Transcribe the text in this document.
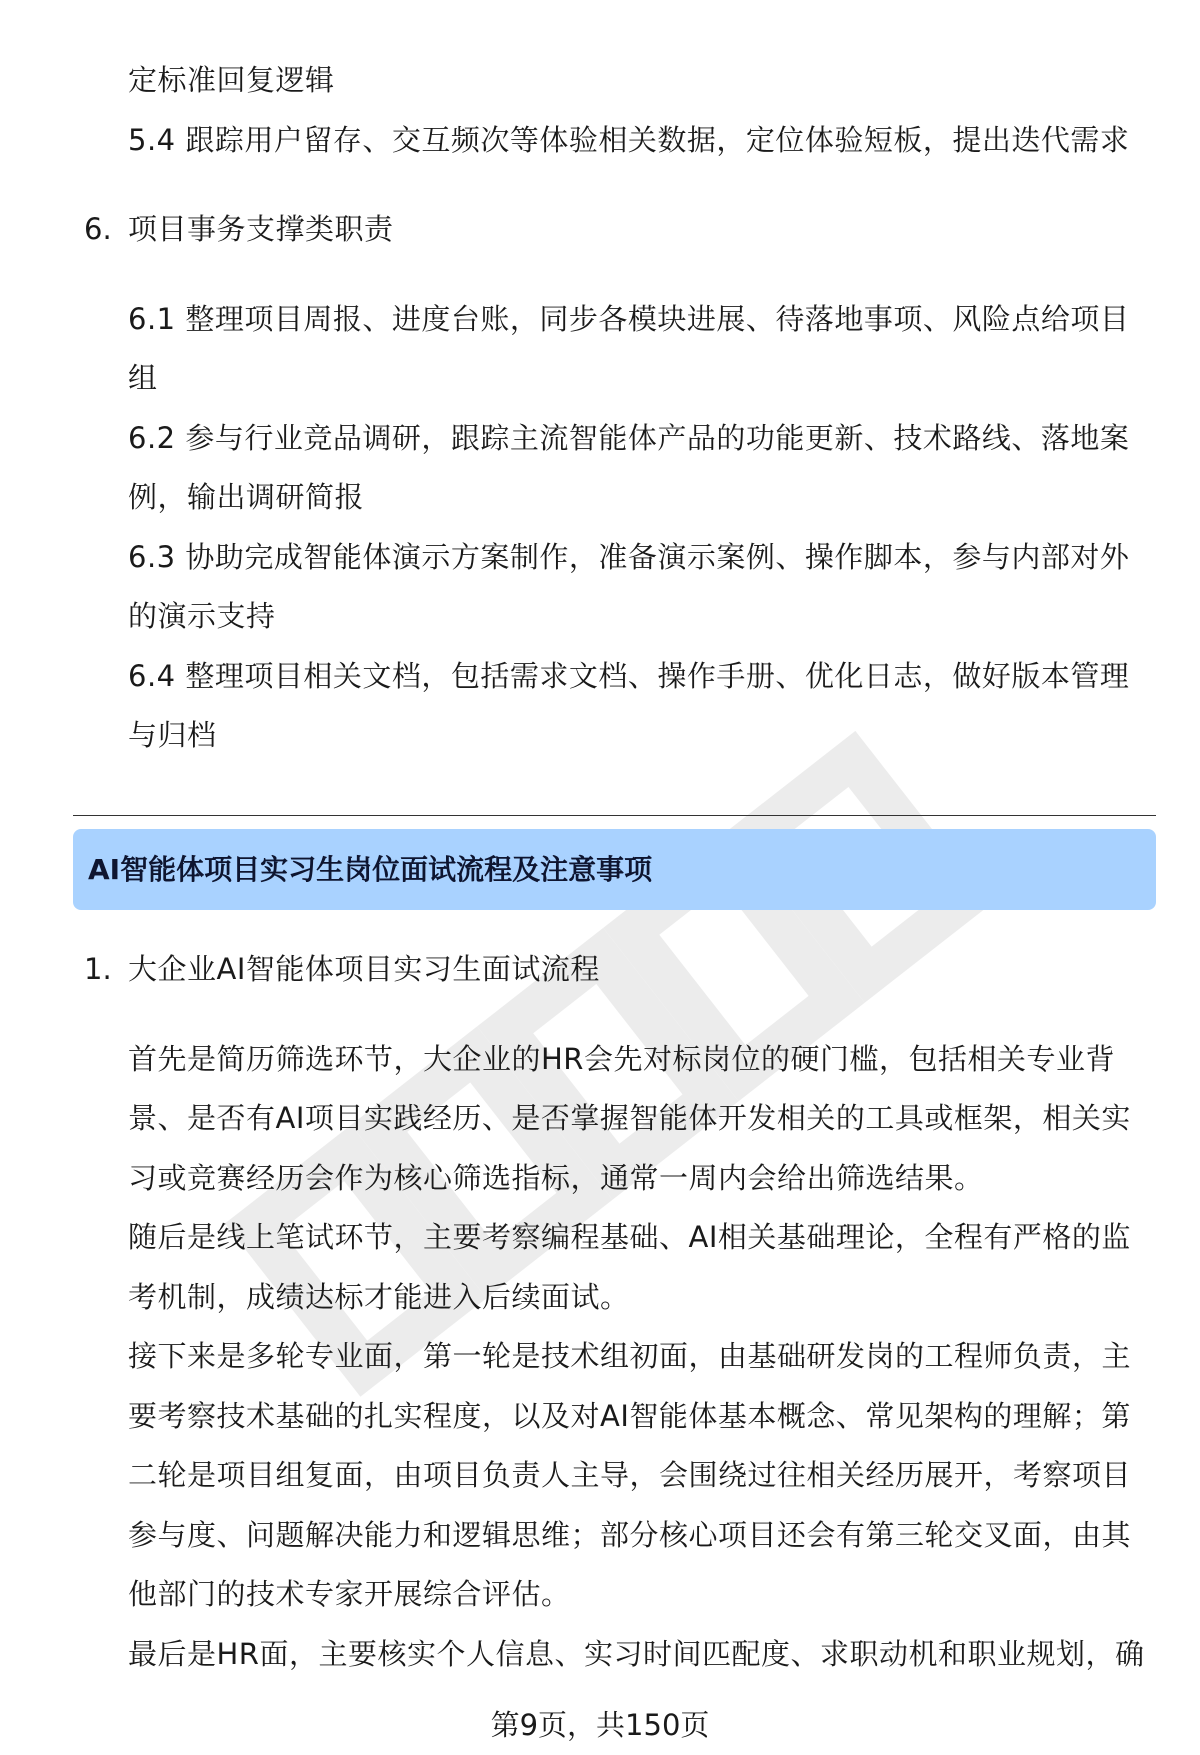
定标准回复逻辑
5.4 跟踪用户留存、交互频次等体验相关数据，定位体验短板，提出迭代需求
6. 项目事务支撑类职责
6.1 整理项目周报、进度台账，同步各模块进展、待落地事项、风险点给项目
组
6.2 参与行业竞品调研，跟踪主流智能体产品的功能更新、技术路线、落地案
例，输出调研简报
6.3 协助完成智能体演示方案制作，准备演示案例、操作脚本，参与内部对外
的演示支持
6.4 整理项目相关文档，包括需求文档、操作手册、优化日志，做好版本管理
与归档
AI智能体项目实习生岗位面试流程及注意事项
1. 大企业AI智能体项目实习生面试流程
首先是简历筛选环节，大企业的HR会先对标岗位的硬门槛，包括相关专业背
景、是否有AI项目实践经历、是否掌握智能体开发相关的工具或框架，相关实
习或竞赛经历会作为核心筛选指标，通常一周内会给出筛选结果。
随后是线上笔试环节，主要考察编程基础、AI相关基础理论，全程有严格的监
考机制，成绩达标才能进入后续面试。
接下来是多轮专业面，第一轮是技术组初面，由基础研发岗的工程师负责，主
要考察技术基础的扎实程度，以及对AI智能体基本概念、常见架构的理解；第
二轮是项目组复面，由项目负责人主导，会围绕过往相关经历展开，考察项目
参与度、问题解决能力和逻辑思维；部分核心项目还会有第三轮交叉面，由其
他部门的技术专家开展综合评估。
最后是HR面，主要核实个人信息、实习时间匹配度、求职动机和职业规划，确
第9页，共150页
